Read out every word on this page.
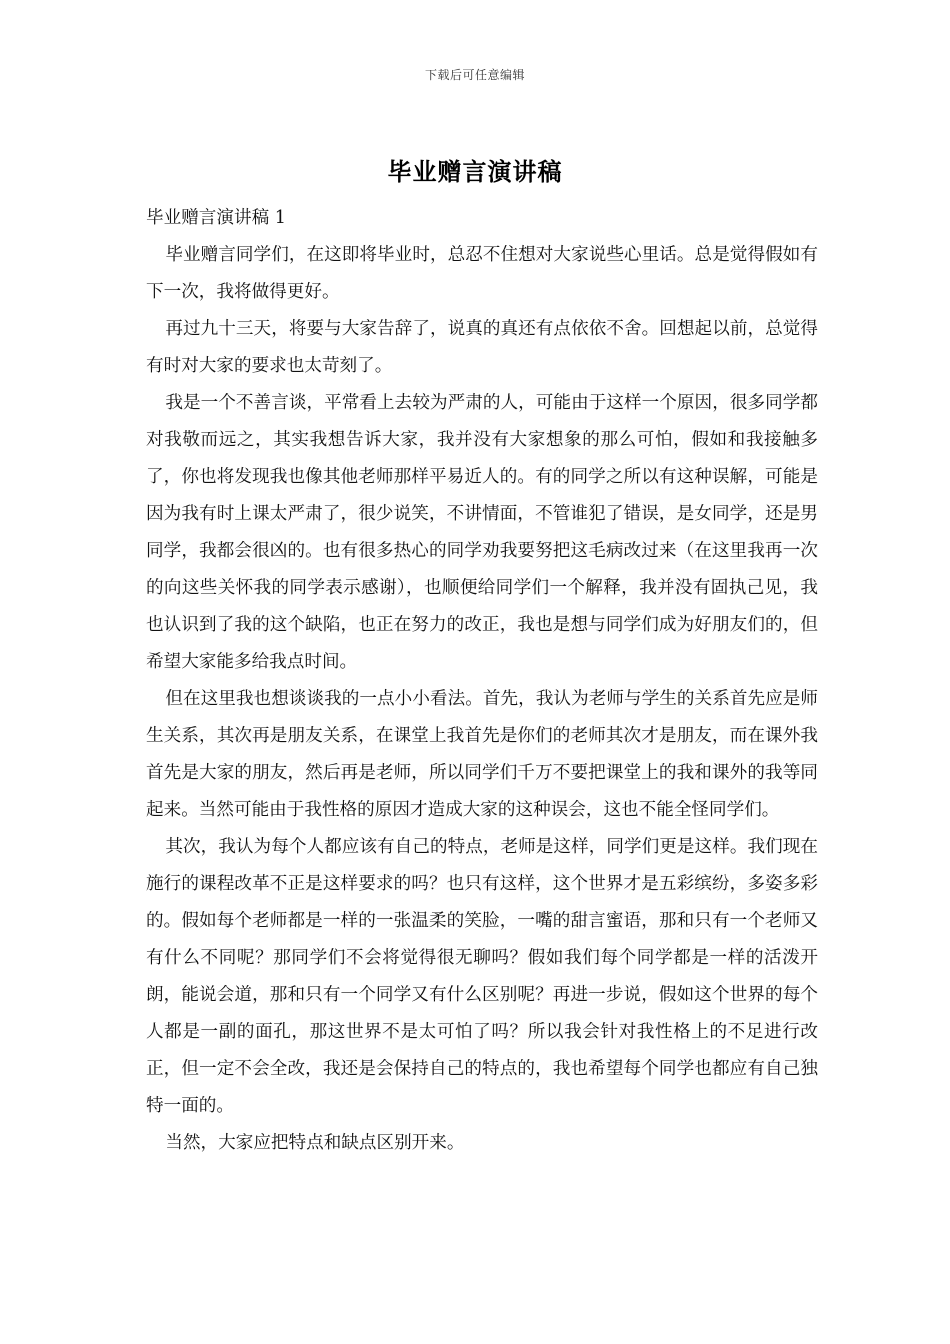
下载后可任意编辑
毕业赠言演讲稿

毕业赠言演讲稿 1

毕业赠言同学们，在这即将毕业时，总忍不住想对大家说些心里话。总是觉得假如有下一次，我将做得更好。

再过九十三天，将要与大家告辞了，说真的真还有点依依不舍。回想起以前，总觉得有时对大家的要求也太苛刻了。

我是一个不善言谈，平常看上去较为严肃的人，可能由于这样一个原因，很多同学都对我敬而远之，其实我想告诉大家，我并没有大家想象的那么可怕，假如和我接触多了，你也将发现我也像其他老师那样平易近人的。有的同学之所以有这种误解，可能是因为我有时上课太严肃了，很少说笑，不讲情面，不管谁犯了错误，是女同学，还是男同学，我都会很凶的。也有很多热心的同学劝我要努把这毛病改过来（在这里我再一次的向这些关怀我的同学表示感谢），也顺便给同学们一个解释，我并没有固执己见，我也认识到了我的这个缺陷，也正在努力的改正，我也是想与同学们成为好朋友们的，但希望大家能多给我点时间。

但在这里我也想谈谈我的一点小小看法。首先，我认为老师与学生的关系首先应是师生关系，其次再是朋友关系，在课堂上我首先是你们的老师其次才是朋友，而在课外我首先是大家的朋友，然后再是老师，所以同学们千万不要把课堂上的我和课外的我等同起来。当然可能由于我性格的原因才造成大家的这种误会，这也不能全怪同学们。

其次，我认为每个人都应该有自己的特点，老师是这样，同学们更是这样。我们现在施行的课程改革不正是这样要求的吗？也只有这样，这个世界才是五彩缤纷，多姿多彩的。假如每个老师都是一样的一张温柔的笑脸，一嘴的甜言蜜语，那和只有一个老师又有什么不同呢？那同学们不会将觉得很无聊吗？假如我们每个同学都是一样的活泼开朗，能说会道，那和只有一个同学又有什么区别呢？再进一步说，假如这个世界的每个人都是一副的面孔，那这世界不是太可怕了吗？所以我会针对我性格上的不足进行改正，但一定不会全改，我还是会保持自己的特点的，我也希望每个同学也都应有自己独特一面的。

当然，大家应把特点和缺点区别开来。
